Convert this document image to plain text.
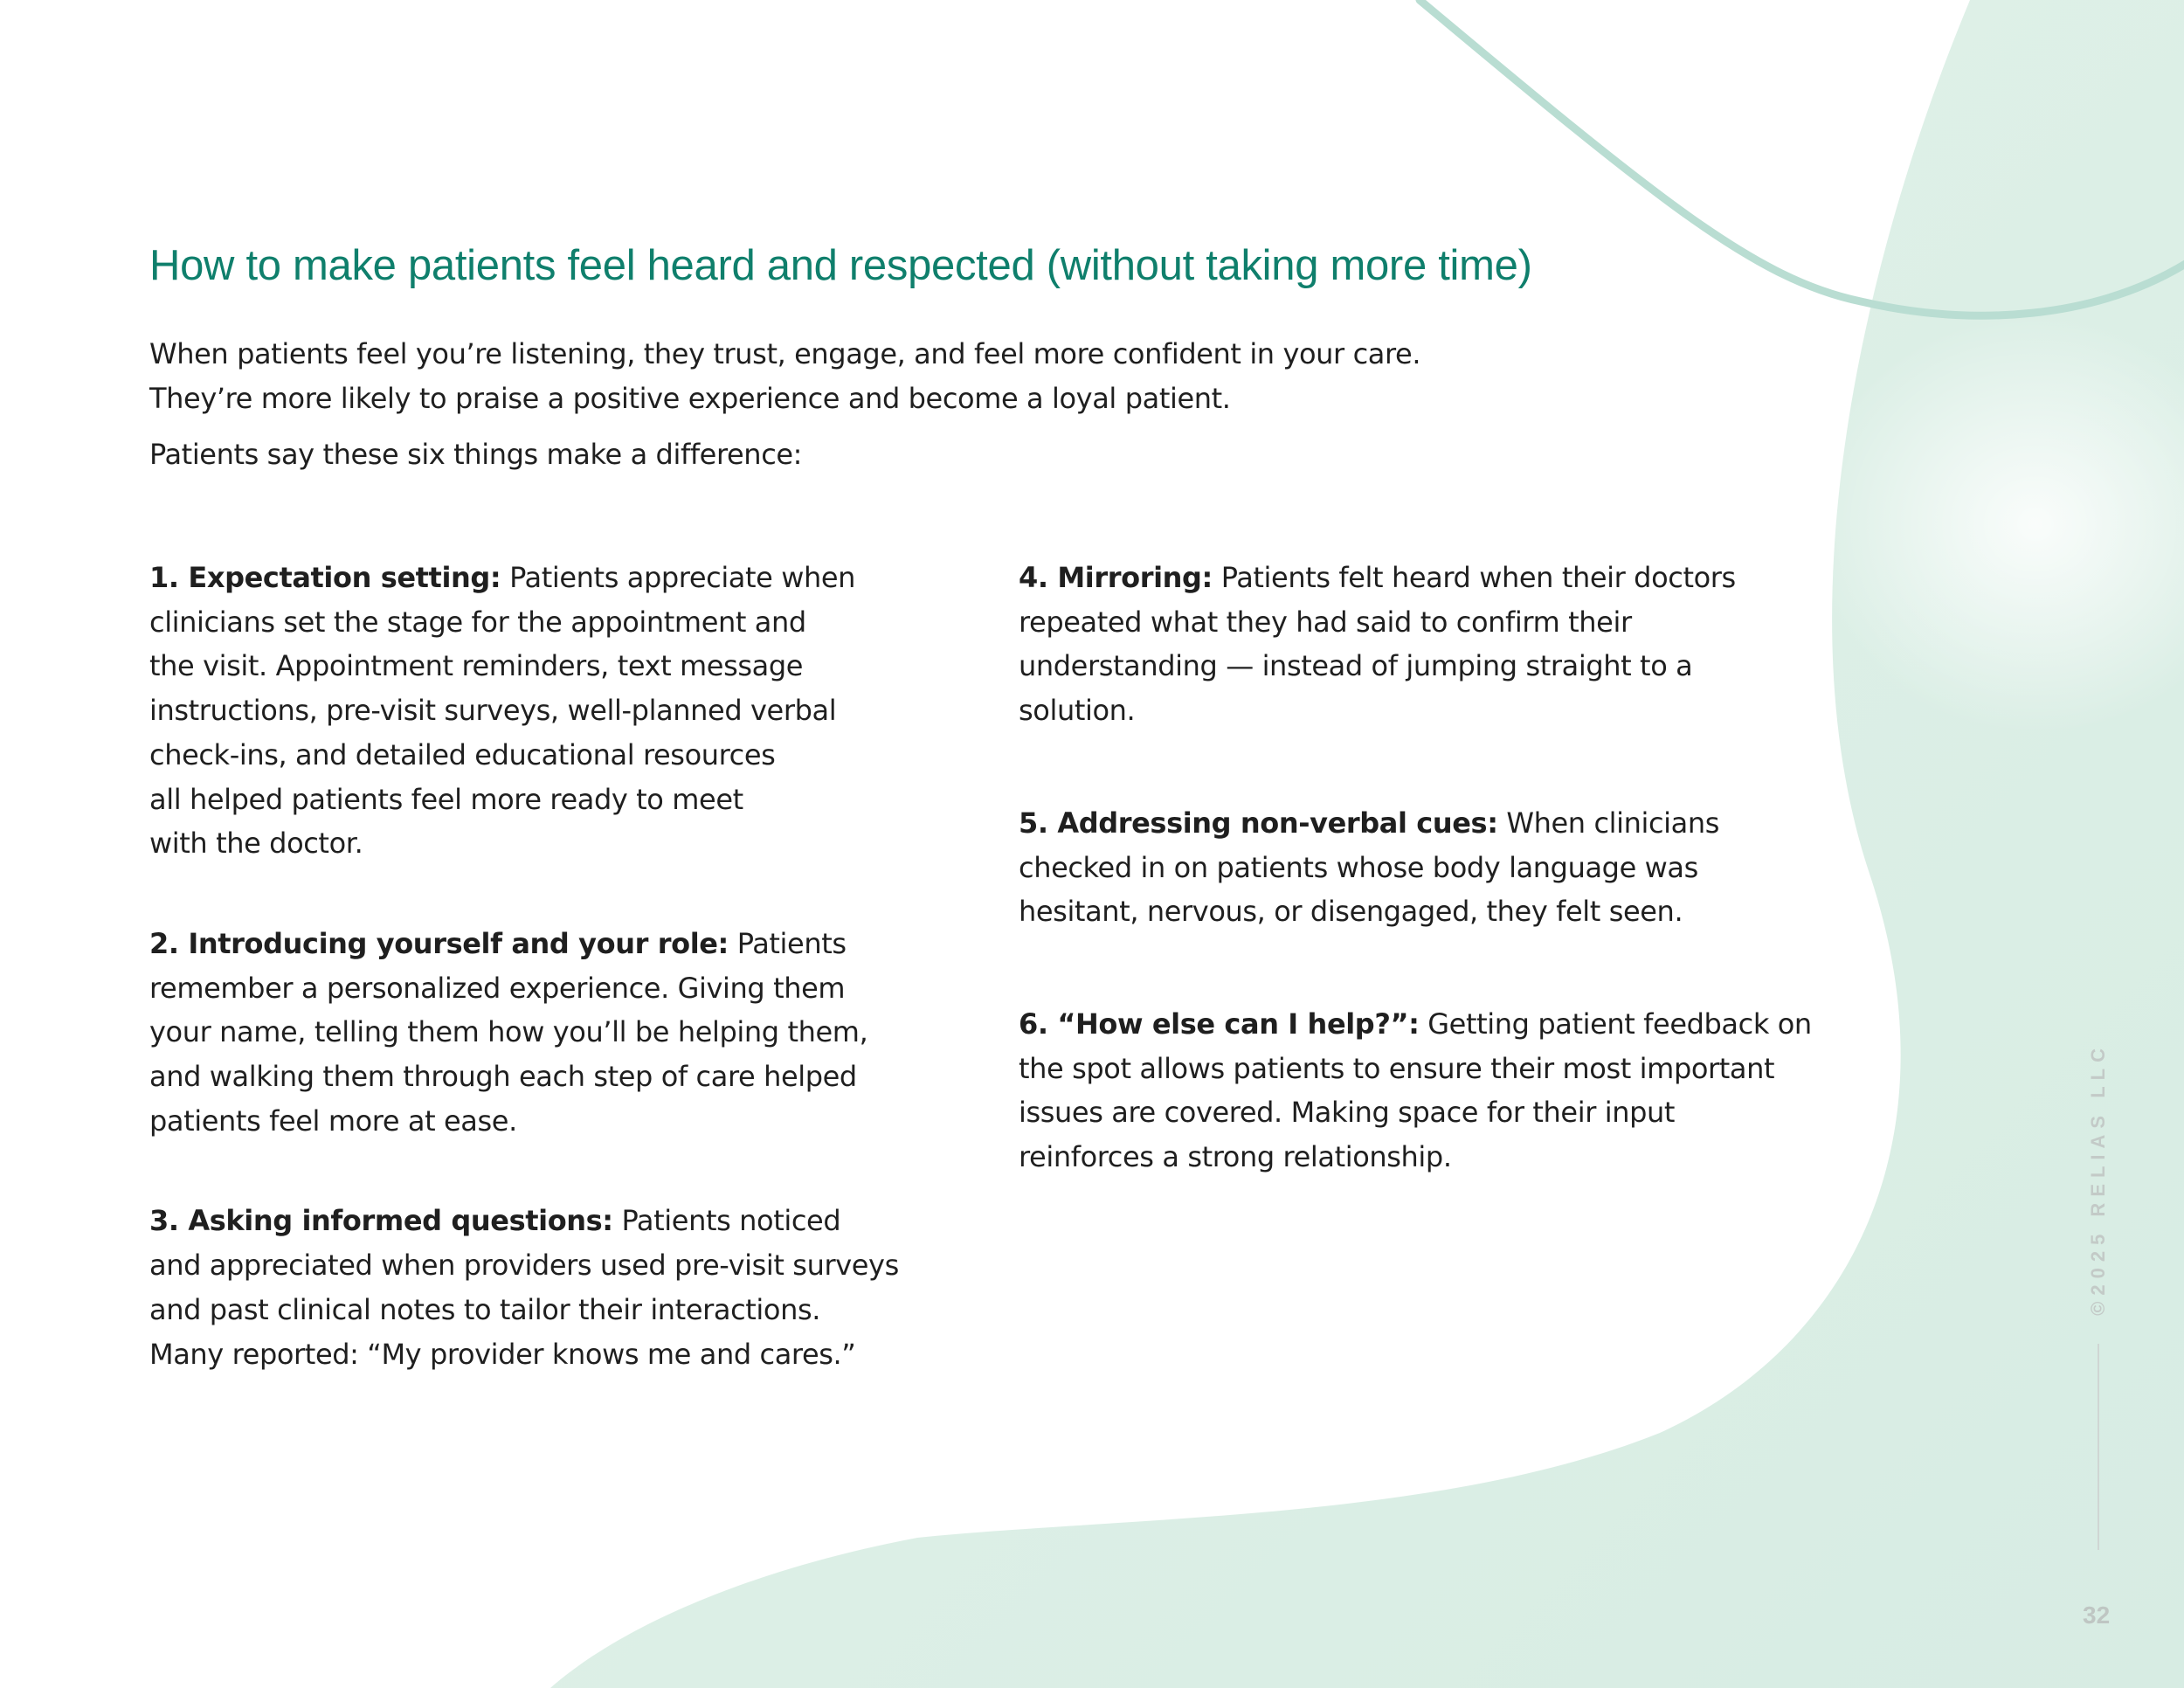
How to make patients feel heard and respected (without taking more time)

When patients feel you’re listening, they trust, engage, and feel more confident in your care.

They’re more likely to praise a positive experience and become a loyal patient.

Patients say these six things make a difference:

1. Expectation setting: Patients appreciate when
clinicians set the stage for the appointment and
the visit. Appointment reminders, text message
instructions, pre-visit surveys, well-planned verbal
check-ins, and detailed educational resources
all helped patients feel more ready to meet
with the doctor.
2. Introducing yourself and your role: Patients
remember a personalized experience. Giving them
your name, telling them how you’ll be helping them,
and walking them through each step of care helped
patients feel more at ease.
3. Asking informed questions: Patients noticed
and appreciated when providers used pre-visit surveys
and past clinical notes to tailor their interactions.
Many reported: “My provider knows me and cares.”
4. Mirroring: Patients felt heard when their doctors
repeated what they had said to confirm their
understanding — instead of jumping straight to a
solution.
5. Addressing non-verbal cues: When clinicians
checked in on patients whose body language was
hesitant, nervous, or disengaged, they felt seen.
6. “How else can I help?”: Getting patient feedback on
the spot allows patients to ensure their most important
issues are covered. Making space for their input
reinforces a strong relationship.	©2025 RELIAS LLC
32
